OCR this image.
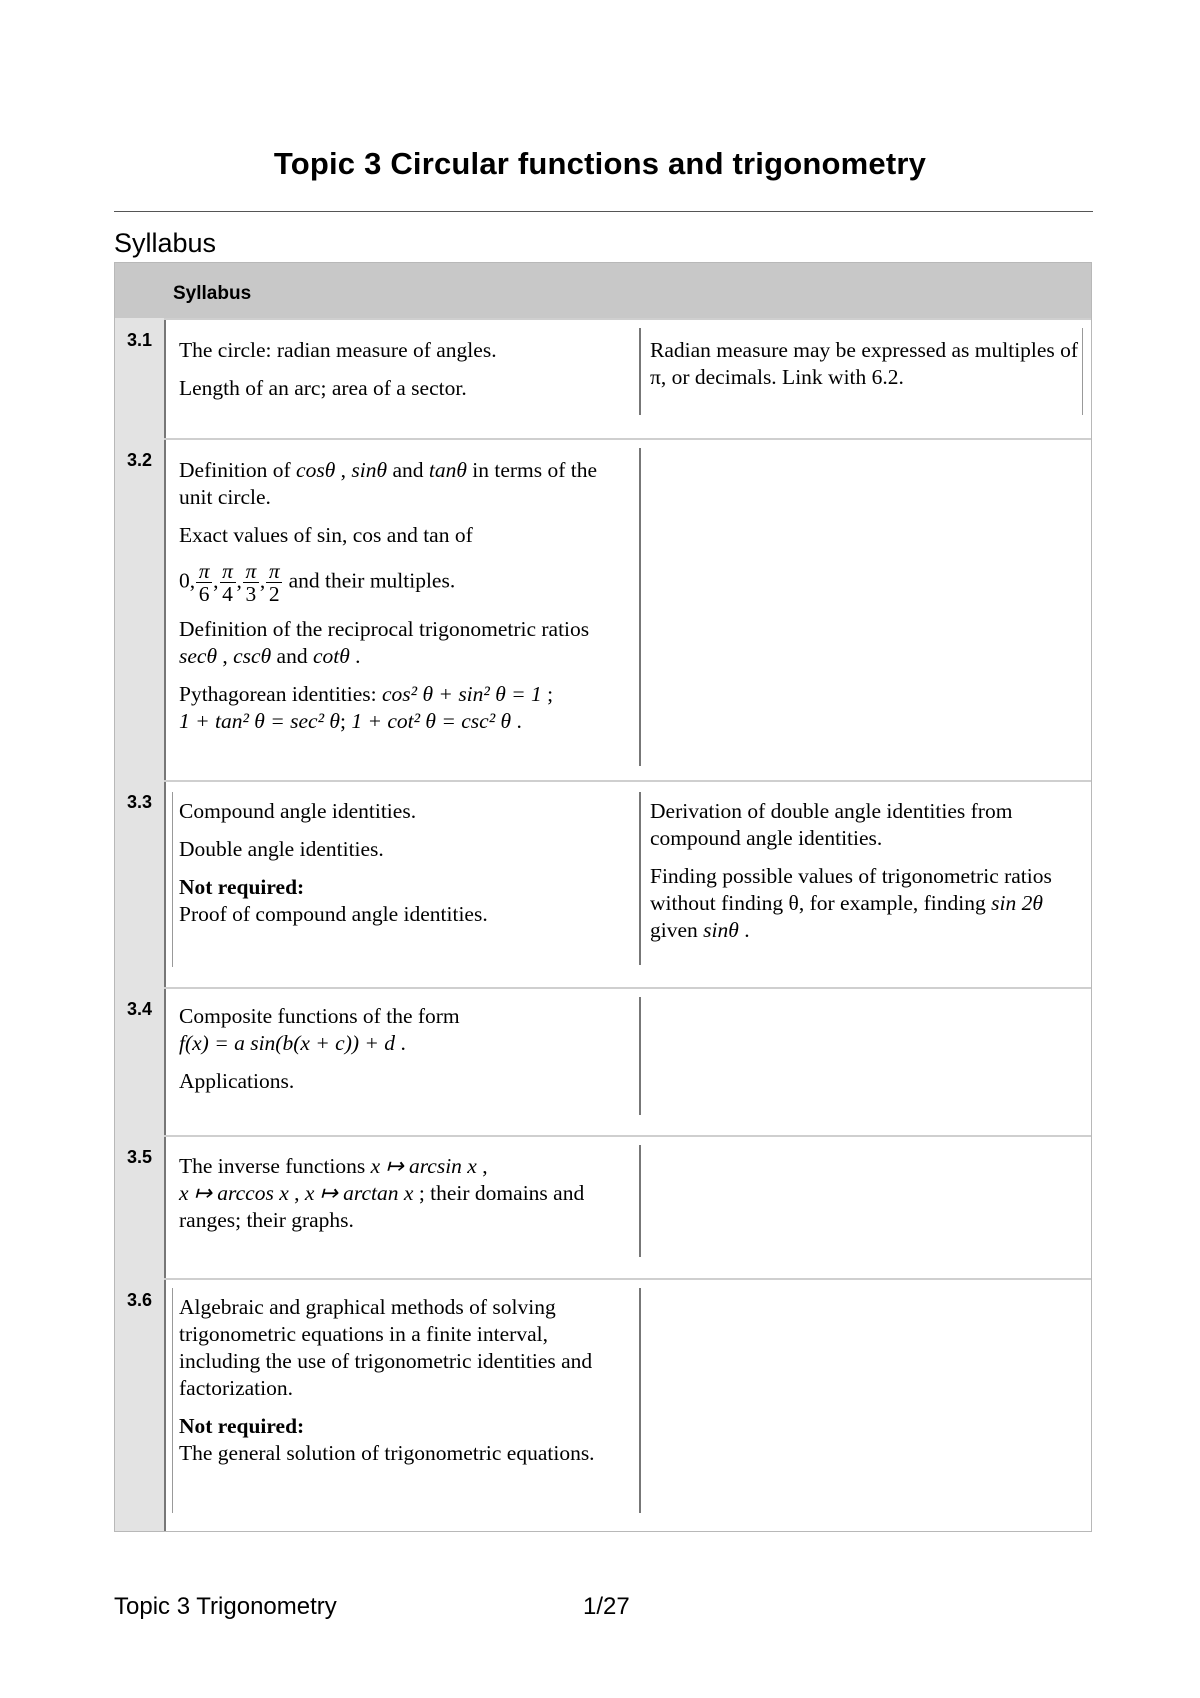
Topic 3 Circular functions and trigonometry
Syllabus
Syllabus
3.1 The circle: radian measure of angles.

Length of an arc; area of a sector.

Radian measure may be expressed as multiples of π, or decimals. Link with 6.2.

3.2 Definition of cosθ , sinθ and tanθ in terms of the unit circle.

Exact values of sin, cos and tan of

0, $\frac{\pi}{6}$ , $\frac{\pi}{4}$ , $\frac{\pi}{3}$ , $\frac{\pi}{2}$ and their multiples.

Definition of the reciprocal trigonometric ratios secθ , cscθ and cotθ .

Pythagorean identities: cos² θ + sin² θ = 1 ;
1 + tan² θ = sec² θ; 1 + cot² θ = csc² θ .

3.3 Compound angle identities.

Double angle identities.

Not required:
Proof of compound angle identities.

Derivation of double angle identities from compound angle identities.

Finding possible values of trigonometric ratios without finding θ, for example, finding sin 2θ given sinθ .

3.4 Composite functions of the form
f(x) = a sin(b(x + c)) + d .

Applications.

3.5 The inverse functions x ↦ arcsin x ,
x ↦ arccos x , x ↦ arctan x ; their domains and ranges; their graphs.

3.6 Algebraic and graphical methods of solving trigonometric equations in a finite interval, including the use of trigonometric identities and factorization.

Not required:
The general solution of trigonometric equations.

Topic 3 Trigonometry	1/27
